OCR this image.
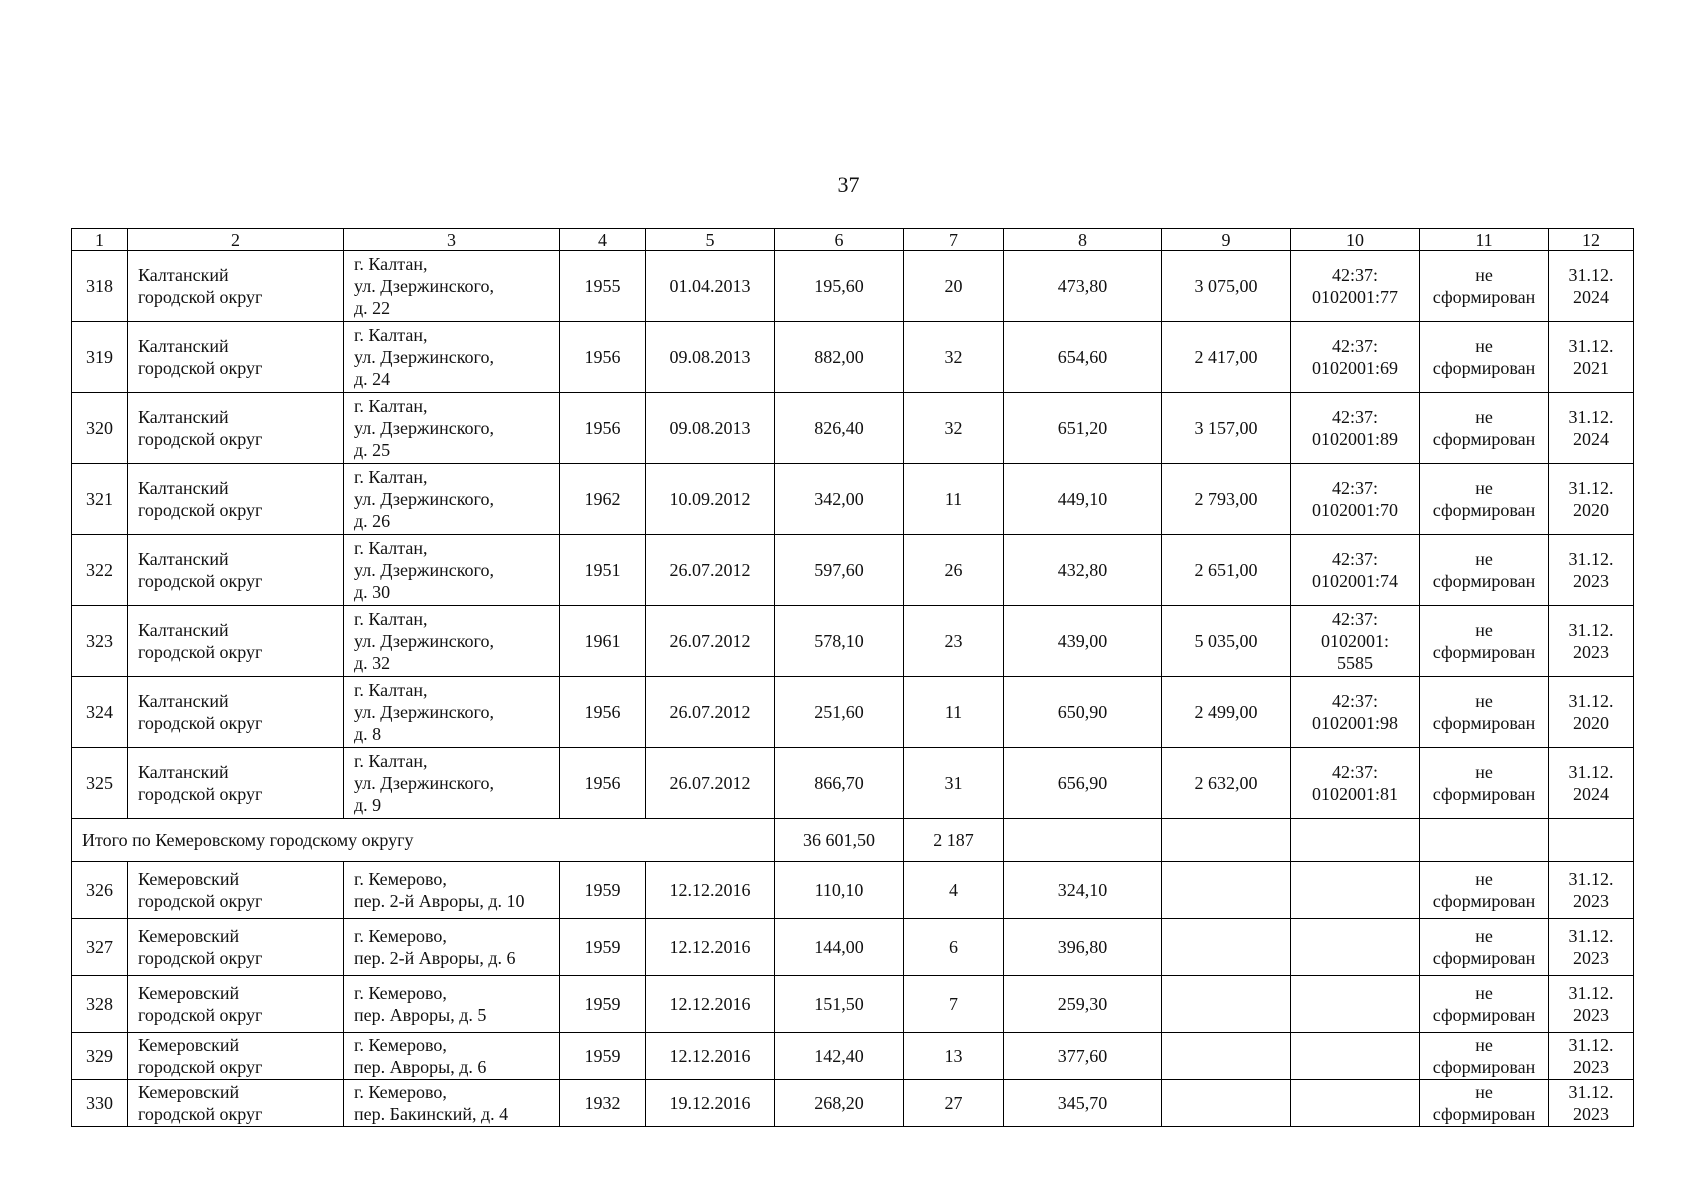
37
1	2	3	4	5	6	7	8	9	10	11	12
318	Калтанский
городской округ	г. Калтан,
ул. Дзержинского,
д. 22	1955	01.04.2013	195,60	20	473,80	3 075,00	42:37:
0102001:77	не
сформирован	31.12.
2024

319	Калтанский
городской округ	г. Калтан,
ул. Дзержинского,
д. 24	1956	09.08.2013	882,00	32	654,60	2 417,00	42:37:
0102001:69	не
сформирован	31.12.
2021

320	Калтанский
городской округ	г. Калтан,
ул. Дзержинского,
д. 25	1956	09.08.2013	826,40	32	651,20	3 157,00	42:37:
0102001:89	не
сформирован	31.12.
2024

321	Калтанский
городской округ	г. Калтан,
ул. Дзержинского,
д. 26	1962	10.09.2012	342,00	11	449,10	2 793,00	42:37:
0102001:70	не
сформирован	31.12.
2020

322	Калтанский
городской округ	г. Калтан,
ул. Дзержинского,
д. 30	1951	26.07.2012	597,60	26	432,80	2 651,00	42:37:
0102001:74	не
сформирован	31.12.
2023

323	Калтанский
городской округ	г. Калтан,
ул. Дзержинского,
д. 32	1961	26.07.2012	578,10	23	439,00	5 035,00	42:37:
0102001:
5585	не
сформирован	31.12.
2023

324	Калтанский
городской округ	г. Калтан,
ул. Дзержинского,
д. 8	1956	26.07.2012	251,60	11	650,90	2 499,00	42:37:
0102001:98	не
сформирован	31.12.
2020

325	Калтанский
городской округ	г. Калтан,
ул. Дзержинского,
д. 9	1956	26.07.2012	866,70	31	656,90	2 632,00	42:37:
0102001:81	не
сформирован	31.12.
2024

Итого по Кемеровскому городскому округу					36 601,50	2 187					
326	Кемеровский
городской округ	г. Кемерово,
пер. 2-й Авроры, д. 10	1959	12.12.2016	110,10	4	324,10			не
сформирован	31.12.
2023

327	Кемеровский
городской округ	г. Кемерово,
пер. 2-й Авроры, д. 6	1959	12.12.2016	144,00	6	396,80			не
сформирован	31.12.
2023

328	Кемеровский
городской округ	г. Кемерово,
пер. Авроры, д. 5	1959	12.12.2016	151,50	7	259,30			не
сформирован	31.12.
2023

329	Кемеровский
городской округ	г. Кемерово,
пер. Авроры, д. 6	1959	12.12.2016	142,40	13	377,60			не
сформирован	31.12.
2023

330	Кемеровский
городской округ	г. Кемерово,
пер. Бакинский, д. 4	1932	19.12.2016	268,20	27	345,70			не
сформирован	31.12.
2023
